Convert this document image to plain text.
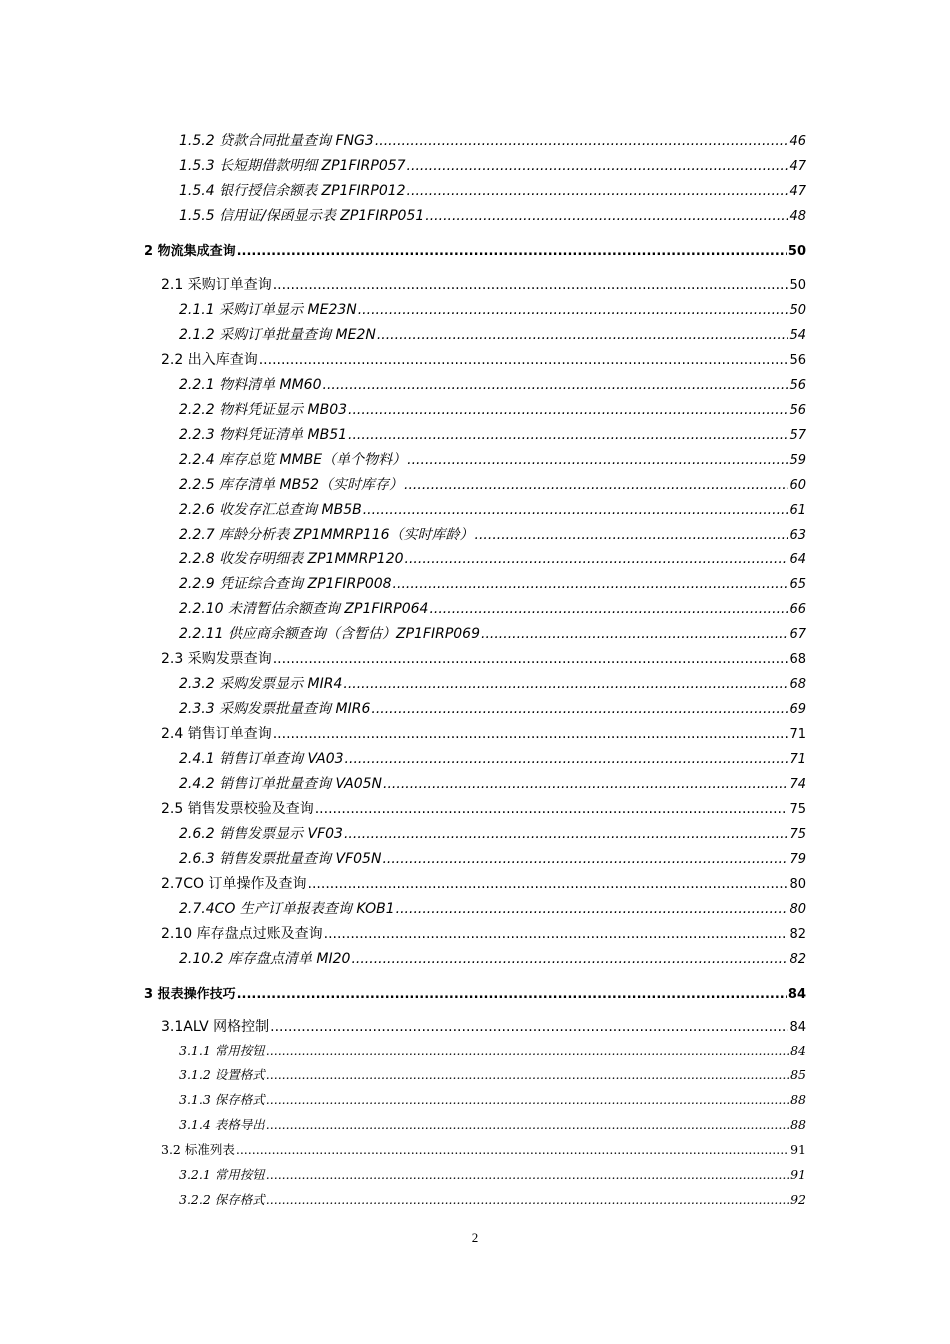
1.5.2 贷款合同批量查询 FNG3 .....	46
1.5.3 长短期借款明细 ZP1FIRP057 .....	47
1.5.4 银行授信余额表 ZP1FIRP012 .....	47
1.5.5 信用证/保函显示表 ZP1FIRP051 .....	48
2 物流集成查询 .....	50
2.1 采购订单查询 .....	50
2.1.1 采购订单显示 ME23N .....	50
2.1.2 采购订单批量查询 ME2N .....	54
2.2 出入库查询 .....	56
2.2.1 物料清单 MM60 .....	56
2.2.2 物料凭证显示 MB03 .....	56
2.2.3 物料凭证清单 MB51 .....	57
2.2.4 库存总览 MMBE（单个物料） .....	59
2.2.5 库存清单 MB52（实时库存） .....	60
2.2.6 收发存汇总查询 MB5B .....	61
2.2.7 库龄分析表 ZP1MMRP116（实时库龄） .....	63
2.2.8 收发存明细表 ZP1MMRP120 .....	64
2.2.9 凭证综合查询 ZP1FIRP008 .....	65
2.2.10 未清暂估余额查询 ZP1FIRP064 .....	66
2.2.11 供应商余额查询（含暂估）ZP1FIRP069 .....	67
2.3 采购发票查询 .....	68
2.3.2 采购发票显示 MIR4 .....	68
2.3.3 采购发票批量查询 MIR6 .....	69
2.4 销售订单查询 .....	71
2.4.1 销售订单查询 VA03 .....	71
2.4.2 销售订单批量查询 VA05N .....	74
2.5 销售发票校验及查询 .....	75
2.6.2 销售发票显示 VF03 .....	75
2.6.3 销售发票批量查询 VF05N .....	79
2.7CO 订单操作及查询 .....	80
2.7.4CO 生产订单报表查询 KOB1 .....	80
2.10 库存盘点过账及查询 .....	82
2.10.2 库存盘点清单 MI20 .....	82
3 报表操作技巧 .....	84
3.1ALV 网格控制 .....	84
3.1.1 常用按钮 .....	84
3.1.2 设置格式 .....	85
3.1.3 保存格式 .....	88
3.1.4 表格导出 .....	88
3.2 标准列表 .....	91
3.2.1 常用按钮 .....	91
3.2.2 保存格式 .....	92
2
